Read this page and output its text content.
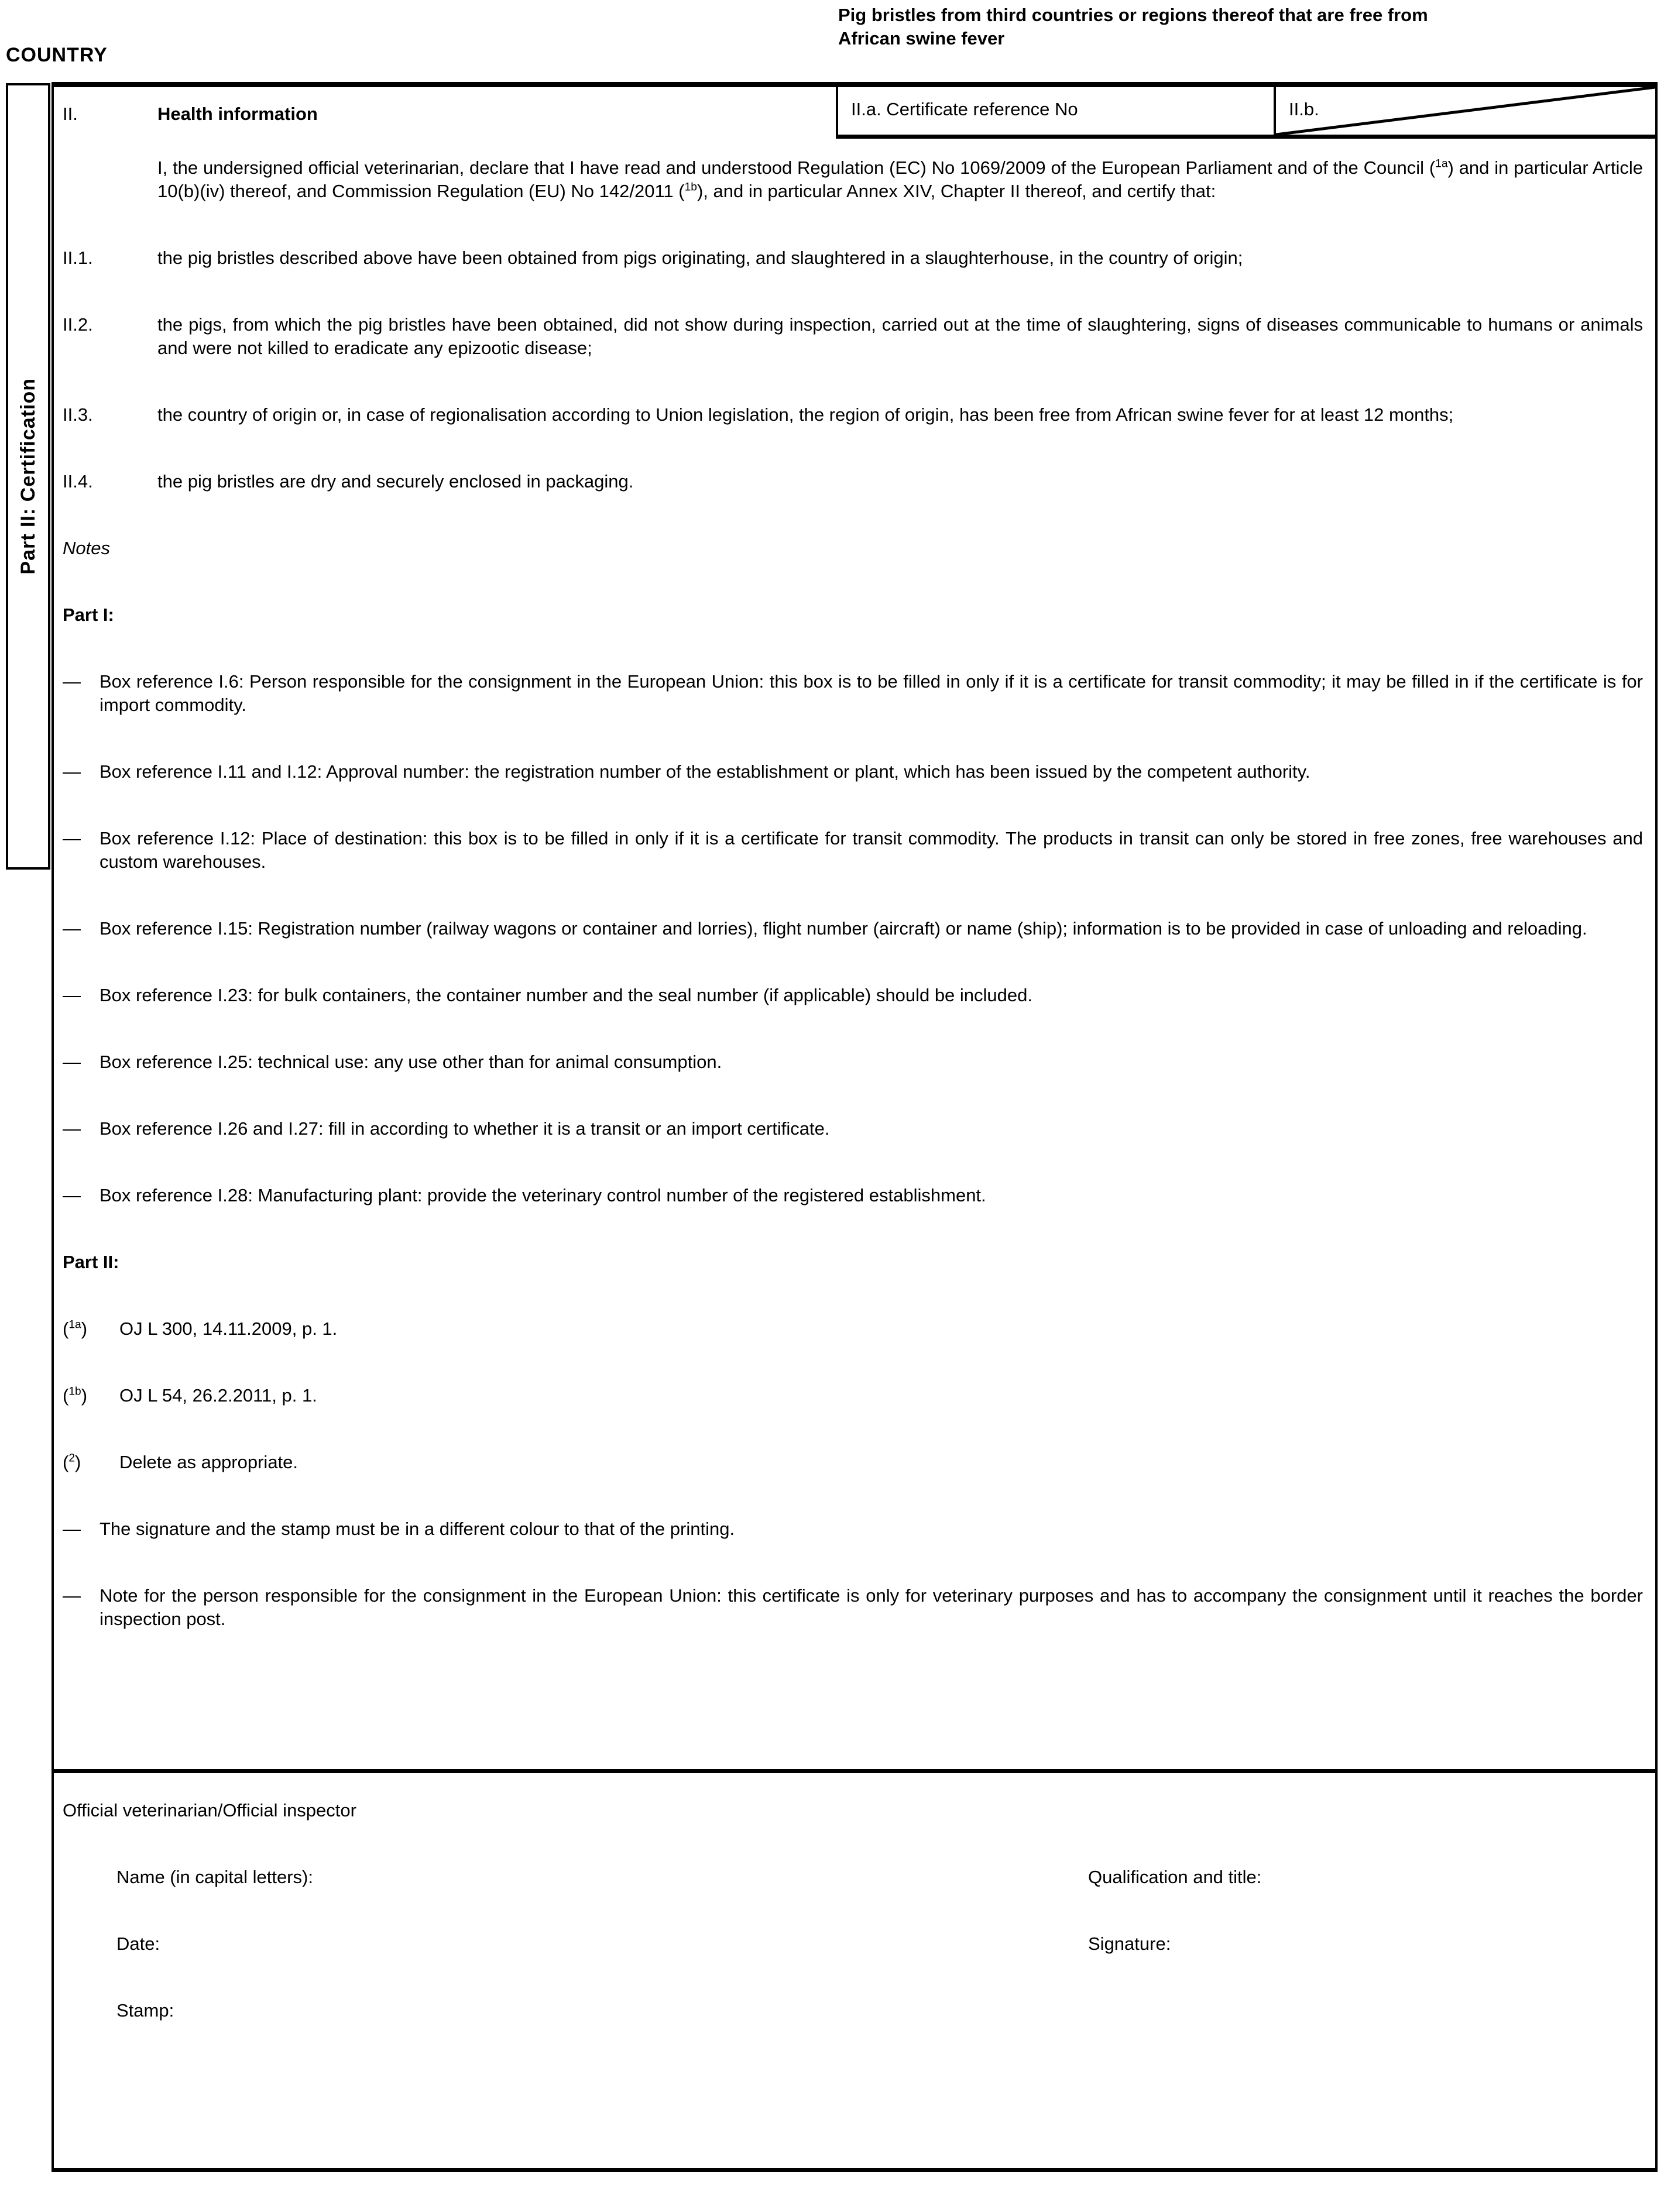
COUNTRY
Pig bristles from third countries or regions thereof that are free from
African swine fever
Part II: Certification
II.	Health information	II.a. Certificate reference No	II.b.
I, the undersigned official veterinarian, declare that I have read and understood Regulation (EC) No 1069/2009 of the European Parliament and of the Council ($^{1a}$) and in particular Article 10(b)(iv) thereof, and Commission Regulation (EU) No 142/2011 ($^{1b}$), and in particular Annex XIV, Chapter II thereof, and certify that:
II.1.	the pig bristles described above have been obtained from pigs originating, and slaughtered in a slaughterhouse, in the country of origin;
II.2.	the pigs, from which the pig bristles have been obtained, did not show during inspection, carried out at the time of slaughtering, signs of diseases communicable to humans or animals and were not killed to eradicate any epizootic disease;
II.3.	the country of origin or, in case of regionalisation according to Union legislation, the region of origin, has been free from African swine fever for at least 12 months;
II.4.	the pig bristles are dry and securely enclosed in packaging.
Notes
Part I:
—	Box reference I.6: Person responsible for the consignment in the European Union: this box is to be filled in only if it is a certificate for transit commodity; it may be filled in if the certificate is for import commodity.
—	Box reference I.11 and I.12: Approval number: the registration number of the establishment or plant, which has been issued by the competent authority.
—	Box reference I.12: Place of destination: this box is to be filled in only if it is a certificate for transit commodity. The products in transit can only be stored in free zones, free warehouses and custom warehouses.
—	Box reference I.15: Registration number (railway wagons or container and lorries), flight number (aircraft) or name (ship); information is to be provided in case of unloading and reloading.
—	Box reference I.23: for bulk containers, the container number and the seal number (if applicable) should be included.
—	Box reference I.25: technical use: any use other than for animal consumption.
—	Box reference I.26 and I.27: fill in according to whether it is a transit or an import certificate.
—	Box reference I.28: Manufacturing plant: provide the veterinary control number of the registered establishment.
Part II:
($^{1a}$)	OJ L 300, 14.11.2009, p. 1.
($^{1b}$)	OJ L 54, 26.2.2011, p. 1.
($^2$)	Delete as appropriate.
—	The signature and the stamp must be in a different colour to that of the printing.
—	Note for the person responsible for the consignment in the European Union: this certificate is only for veterinary purposes and has to accompany the consignment until it reaches the border inspection post.
Official veterinarian/Official inspector
Name (in capital letters):	Qualification and title:
Date:	Signature:
Stamp:
